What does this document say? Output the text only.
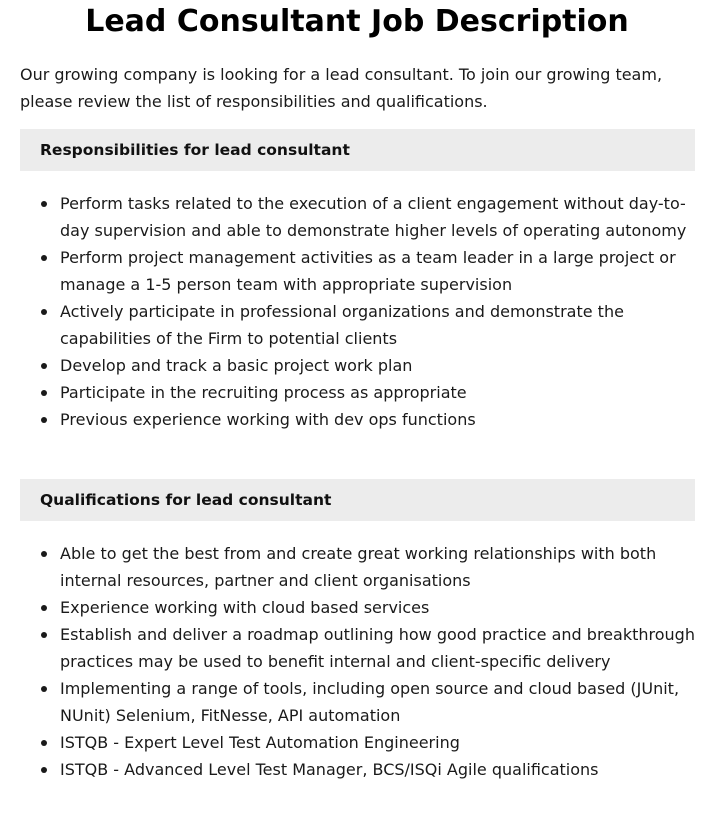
Lead Consultant Job Description

Our growing company is looking for a lead consultant. To join our growing team, please review the list of responsibilities and qualifications.

Responsibilities for lead consultant
Perform tasks related to the execution of a client engagement without day-to-day supervision and able to demonstrate higher levels of operating autonomy
Perform project management activities as a team leader in a large project or manage a 1-5 person team with appropriate supervision
Actively participate in professional organizations and demonstrate the capabilities of the Firm to potential clients
Develop and track a basic project work plan
Participate in the recruiting process as appropriate
Previous experience working with dev ops functions
Qualifications for lead consultant
Able to get the best from and create great working relationships with both internal resources, partner and client organisations
Experience working with cloud based services
Establish and deliver a roadmap outlining how good practice and breakthrough practices may be used to benefit internal and client-specific delivery
Implementing a range of tools, including open source and cloud based (JUnit, NUnit) Selenium, FitNesse, API automation
ISTQB - Expert Level Test Automation Engineering
ISTQB - Advanced Level Test Manager, BCS/ISQi Agile qualifications
